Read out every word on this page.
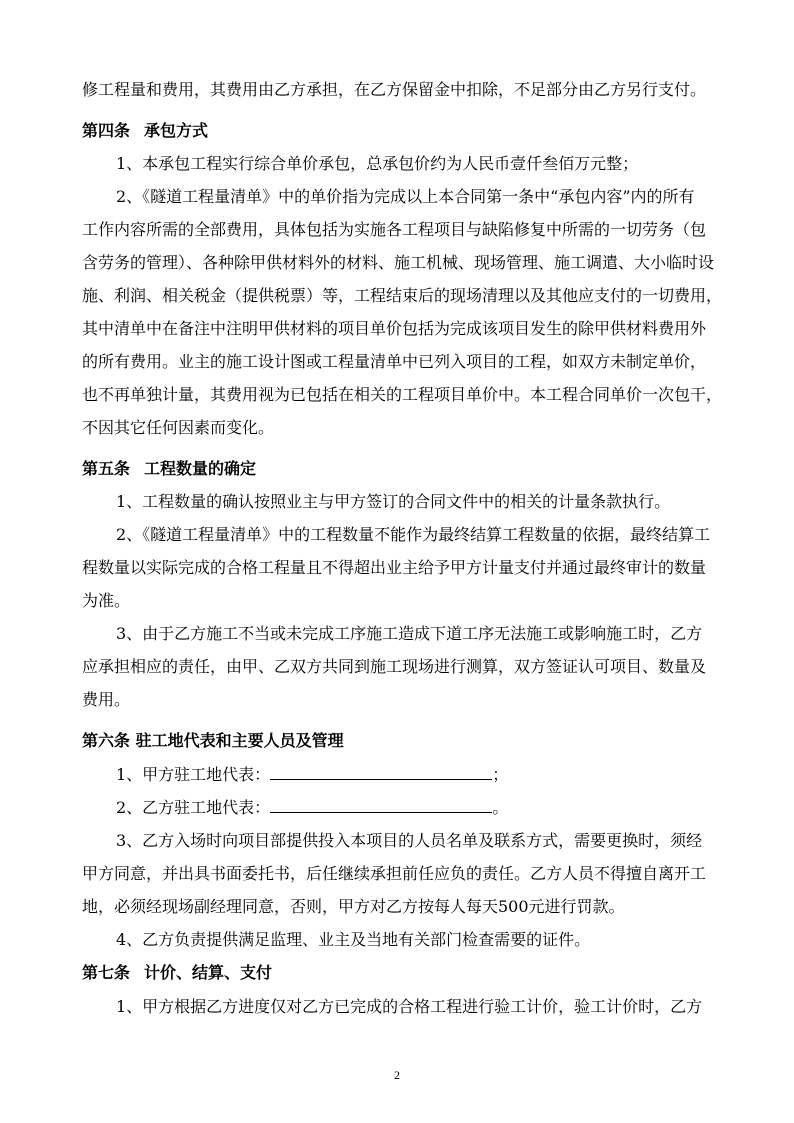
修工程量和费用，其费用由乙方承担，在乙方保留金中扣除，不足部分由乙方另行支付。
第四条 承包方式
1、本承包工程实行综合单价承包，总承包价约为人民币壹仟叁佰万元整；
2、《隧道工程量清单》中的单价指为完成以上本合同第一条中“承包内容”内的所有
工作内容所需的全部费用，具体包括为实施各工程项目与缺陷修复中所需的一切劳务（包
含劳务的管理）、各种除甲供材料外的材料、施工机械、现场管理、施工调遣、大小临时设
施、利润、相关税金（提供税票）等，工程结束后的现场清理以及其他应支付的一切费用，
其中清单中在备注中注明甲供材料的项目单价包括为完成该项目发生的除甲供材料费用外
的所有费用。业主的施工设计图或工程量清单中已列入项目的工程，如双方未制定单价，
也不再单独计量，其费用视为已包括在相关的工程项目单价中。本工程合同单价一次包干，
不因其它任何因素而变化。
第五条 工程数量的确定
1、工程数量的确认按照业主与甲方签订的合同文件中的相关的计量条款执行。
2、《隧道工程量清单》中的工程数量不能作为最终结算工程数量的依据，最终结算工
程数量以实际完成的合格工程量且不得超出业主给予甲方计量支付并通过最终审计的数量
为准。
3、由于乙方施工不当或未完成工序施工造成下道工序无法施工或影响施工时，乙方
应承担相应的责任，由甲、乙双方共同到施工现场进行测算，双方签证认可项目、数量及
费用。
第六条 驻工地代表和主要人员及管理
1、甲方驻工地代表：	；
2、乙方驻工地代表：	。
3、乙方入场时向项目部提供投入本项目的人员名单及联系方式，需要更换时，须经
甲方同意，并出具书面委托书，后任继续承担前任应负的责任。乙方人员不得擅自离开工
地，必须经现场副经理同意，否则，甲方对乙方按每人每天500元进行罚款。
4、乙方负责提供满足监理、业主及当地有关部门检查需要的证件。
第七条 计价、结算、支付
1、甲方根据乙方进度仅对乙方已完成的合格工程进行验工计价，验工计价时，乙方
2
